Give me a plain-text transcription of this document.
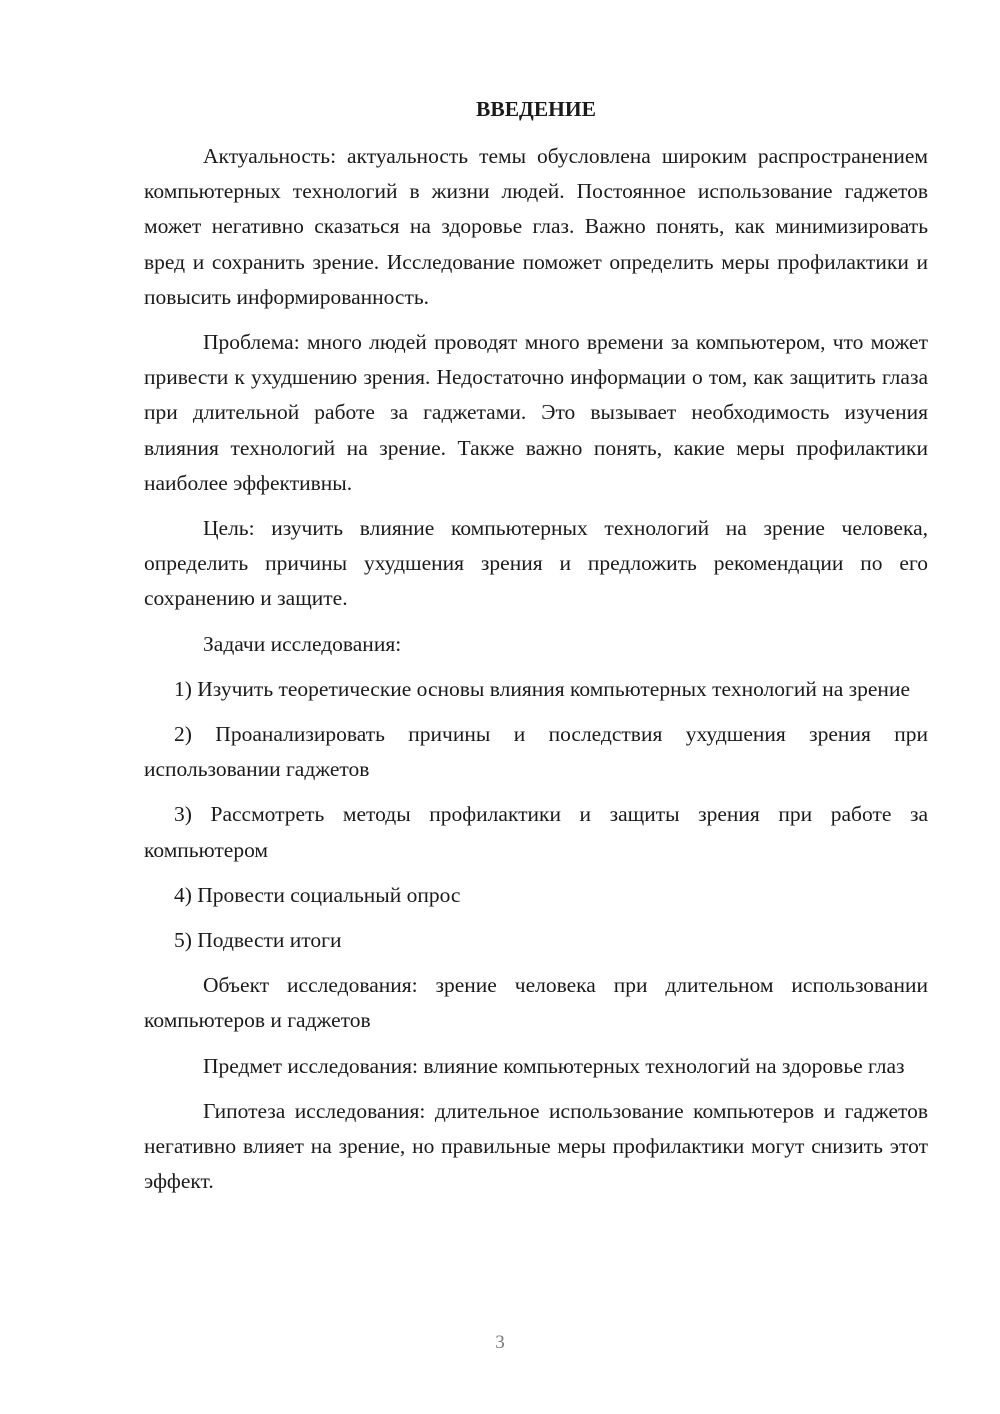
ВВЕДЕНИЕ

Актуальность: актуальность темы обусловлена широким распространением компьютерных технологий в жизни людей. Постоянное использование гаджетов может негативно сказаться на здоровье глаз. Важно понять, как минимизировать вред и сохранить зрение. Исследование поможет определить меры профилактики и повысить информированность.

Проблема: много людей проводят много времени за компьютером, что может привести к ухудшению зрения. Недостаточно информации о том, как защитить глаза при длительной работе за гаджетами. Это вызывает необходимость изучения влияния технологий на зрение. Также важно понять, какие меры профилактики наиболее эффективны.

Цель: изучить влияние компьютерных технологий на зрение человека, определить причины ухудшения зрения и предложить рекомендации по его сохранению и защите.

Задачи исследования:

1) Изучить теоретические основы влияния компьютерных технологий на зрение

2) Проанализировать причины и последствия ухудшения зрения при использовании гаджетов

3) Рассмотреть методы профилактики и защиты зрения при работе за компьютером

4) Провести социальный опрос

5) Подвести итоги

Объект исследования: зрение человека при длительном использовании компьютеров и гаджетов

Предмет исследования: влияние компьютерных технологий на здоровье глаз

Гипотеза исследования: длительное использование компьютеров и гаджетов негативно влияет на зрение, но правильные меры профилактики могут снизить этот эффект.

3
